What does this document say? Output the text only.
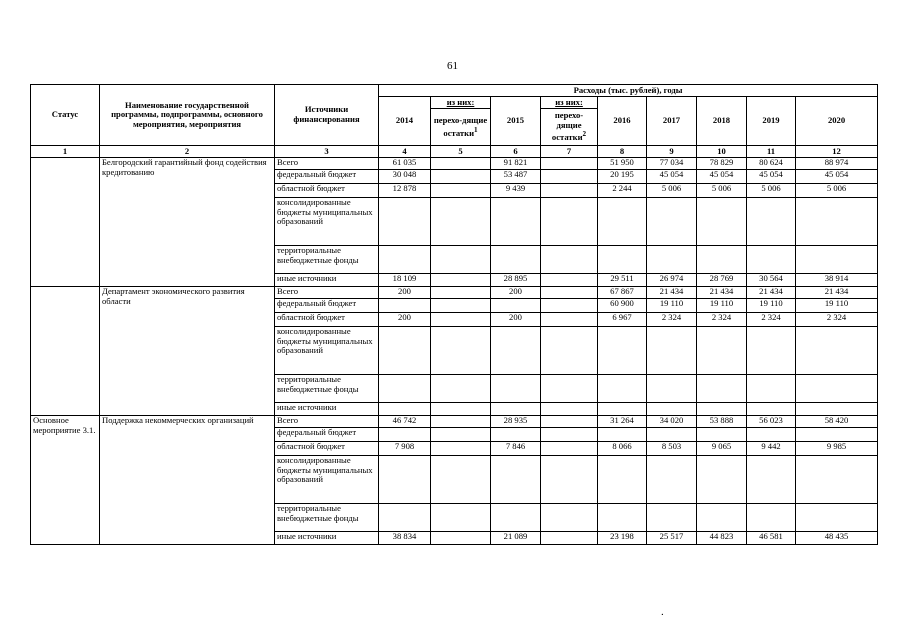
61
Статус	Наименование государственной программы, подпрограммы, основного мероприятия, мероприятия	Источники финансирования	Расходы (тыс. рублей), годы								
			2014	из них:	2015	из них:	2016	2017	2018	2019	2020
				перехо-дящие остатки$^1$		перехо-дящие остатки$^2$
1	2	3	4	5	6	7	8	9	10	11	12
	Белгородский гарантийный фонд содействия кредитованию	Всего	61 035		91 821		51 950	77 034	78 829	80 624	88 974
		федеральный бюджет	30 048		53 487		20 195	45 054	45 054	45 054	45 054
		областной бюджет	12 878		9 439		2 244	5 006	5 006	5 006	5 006
		консолидированные бюджеты муниципальных образований									
		территориальные внебюджетные фонды									
		иные источники	18 109		28 895		29 511	26 974	28 769	30 564	38 914
	Департамент экономического развития области	Всего	200		200		67 867	21 434	21 434	21 434	21 434
		федеральный бюджет					60 900	19 110	19 110	19 110	19 110
		областной бюджет	200		200		6 967	2 324	2 324	2 324	2 324
		консолидированные бюджеты муниципальных образований									
		территориальные внебюджетные фонды									
		иные источники									
Основное мероприятие 3.1.	Поддержка некоммерческих организаций	Всего	46 742		28 935		31 264	34 020	53 888	56 023	58 420
		федеральный бюджет									
		областной бюджет	7 908		7 846		8 066	8 503	9 065	9 442	9 985
		консолидированные бюджеты муниципальных образований									
		территориальные внебюджетные фонды									
		иные источники	38 834		21 089		23 198	25 517	44 823	46 581	48 435
.
